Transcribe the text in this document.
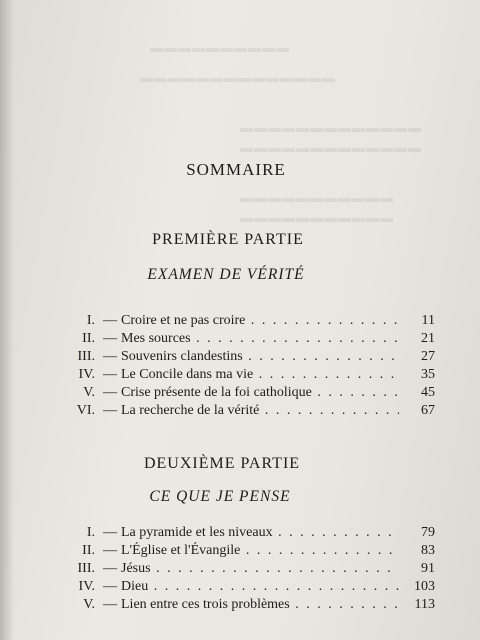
▬▬▬▬▬▬▬▬▬▬
▬▬▬▬▬▬▬▬▬▬▬▬▬▬
▬▬▬▬▬▬▬▬▬▬▬▬▬
▬▬▬▬▬▬▬▬▬▬▬▬▬
▬▬▬▬▬▬▬▬▬▬▬
▬▬▬▬▬▬▬▬▬▬▬
SOMMAIRE
PREMIÈRE PARTIE
EXAMEN DE VÉRITÉ
I. — Croire et ne pas croire . . .	11
II. — Mes sources . . .	21
III. — Souvenirs clandestins . . .	27
IV. — Le Concile dans ma vie . . .	35
V. — Crise présente de la foi catholique . . .	45
VI. — La recherche de la vérité . . .	67
DEUXIÈME PARTIE
CE QUE JE PENSE
I. — La pyramide et les niveaux . . .	79
II. — L'Église et l'Évangile . . .	83
III. — Jésus . . .	91
IV. — Dieu . . .	103
V. — Lien entre ces trois problèmes . . .	113
